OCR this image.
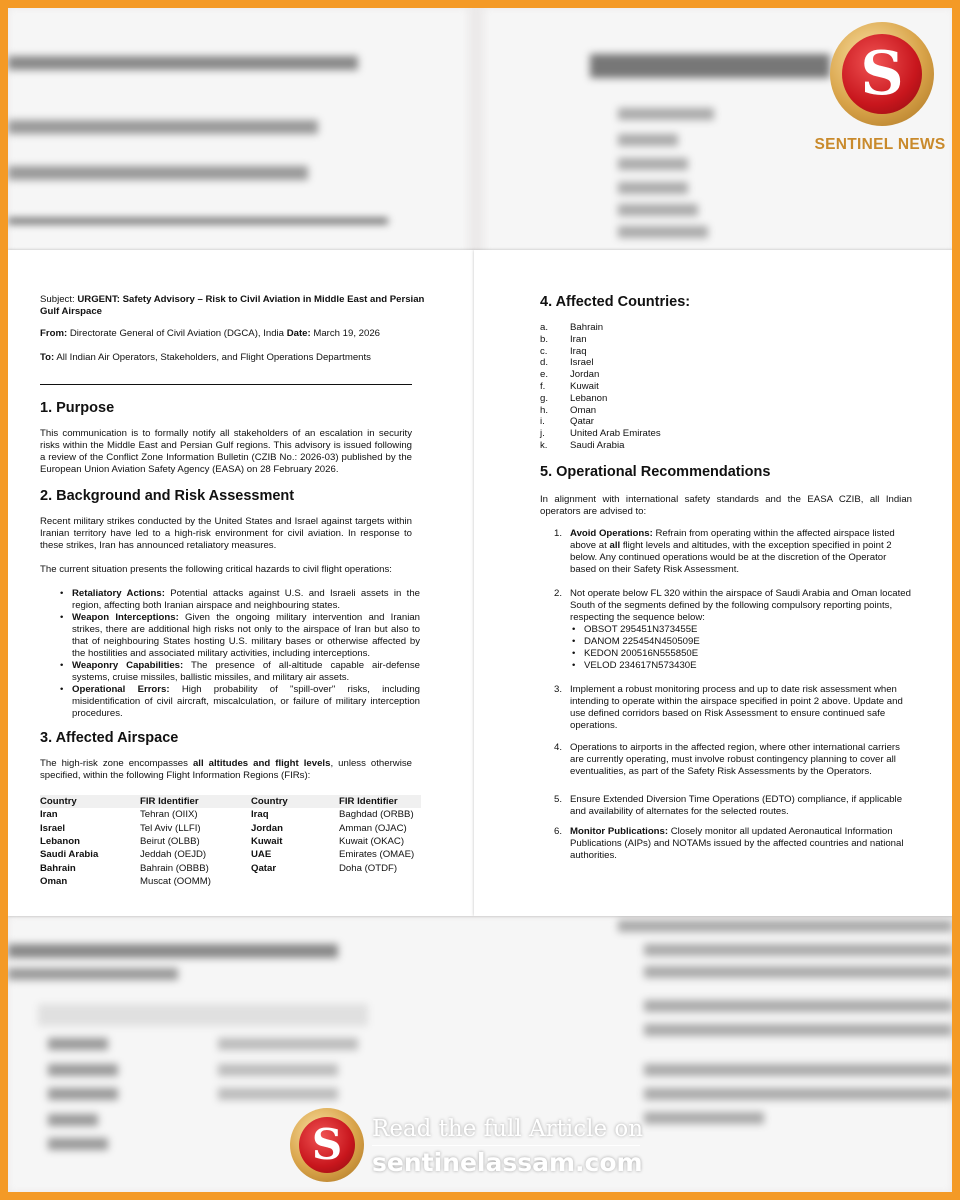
Subject: URGENT: Safety Advisory – Risk to Civil Aviation in Middle East and Persian Gulf Airspace
From: Directorate General of Civil Aviation (DGCA), India Date: March 19, 2026
To: All Indian Air Operators, Stakeholders, and Flight Operations Departments
1. Purpose
This communication is to formally notify all stakeholders of an escalation in security risks within the Middle East and Persian Gulf regions. This advisory is issued following a review of the Conflict Zone Information Bulletin (CZIB No.: 2026-03) published by the European Union Aviation Safety Agency (EASA) on 28 February 2026.
2. Background and Risk Assessment
Recent military strikes conducted by the United States and Israel against targets within Iranian territory have led to a high-risk environment for civil aviation. In response to these strikes, Iran has announced retaliatory measures.
The current situation presents the following critical hazards to civil flight operations:
• Retaliatory Actions: Potential attacks against U.S. and Israeli assets in the region, affecting both Iranian airspace and neighbouring states.
• Weapon Interceptions: Given the ongoing military intervention and Iranian strikes, there are additional high risks not only to the airspace of Iran but also to that of neighbouring States hosting U.S. military bases or otherwise affected by the hostilities and associated military activities, including interceptions.
• Weaponry Capabilities: The presence of all-altitude capable air-defense systems, cruise missiles, ballistic missiles, and military air assets.
• Operational Errors: High probability of "spill-over" risks, including misidentification of civil aircraft, miscalculation, or failure of military interception procedures.
3. Affected Airspace
The high-risk zone encompasses all altitudes and flight levels, unless otherwise specified, within the following Flight Information Regions (FIRs):
Country	FIR Identifier	Country	FIR Identifier
Iran	Tehran (OIIX)	Iraq	Baghdad (ORBB)
Israel	Tel Aviv (LLFI)	Jordan	Amman (OJAC)
Lebanon	Beirut (OLBB)	Kuwait	Kuwait (OKAC)
Saudi Arabia	Jeddah (OEJD)	UAE	Emirates (OMAE)
Bahrain	Bahrain (OBBB)	Qatar	Doha (OTDF)
Oman	Muscat (OOMM)		
4. Affected Countries:
a. Bahrain
b. Iran
c. Iraq
d. Israel
e. Jordan
f.	Kuwait
g. Lebanon
h. Oman
i.	Qatar
j.	United Arab Emirates
k. Saudi Arabia
5. Operational Recommendations
In alignment with international safety standards and the EASA CZIB, all Indian operators are advised to:
1. Avoid Operations: Refrain from operating within the affected airspace listed above at all flight levels and altitudes, with the exception specified in point 2 below. Any continued operations would be at the discretion of the Operator based on their Safety Risk Assessment.
2. Not operate below FL 320 within the airspace of Saudi Arabia and Oman located South of the segments defined by the following compulsory reporting points, respecting the sequence below:
• OBSOT 295451N373455E
• DANOM 225454N450509E
• KEDON 200516N555850E
• VELOD 234617N573430E
3. Implement a robust monitoring process and up to date risk assessment when intending to operate within the airspace specified in point 2 above. Update and use defined corridors based on Risk Assessment to ensure continued safe operations.
4. Operations to airports in the affected region, where other international carriers are currently operating, must involve robust contingency planning to cover all eventualities, as part of the Safety Risk Assessments by the Operators.
5. Ensure Extended Diversion Time Operations (EDTO) compliance, if applicable and availability of alternates for the selected routes.
6. Monitor Publications: Closely monitor all updated Aeronautical Information Publications (AIPs) and NOTAMs issued by the affected countries and national authorities.
S
SENTINEL NEWS
S	Read the full Article on
sentinelassam.com
